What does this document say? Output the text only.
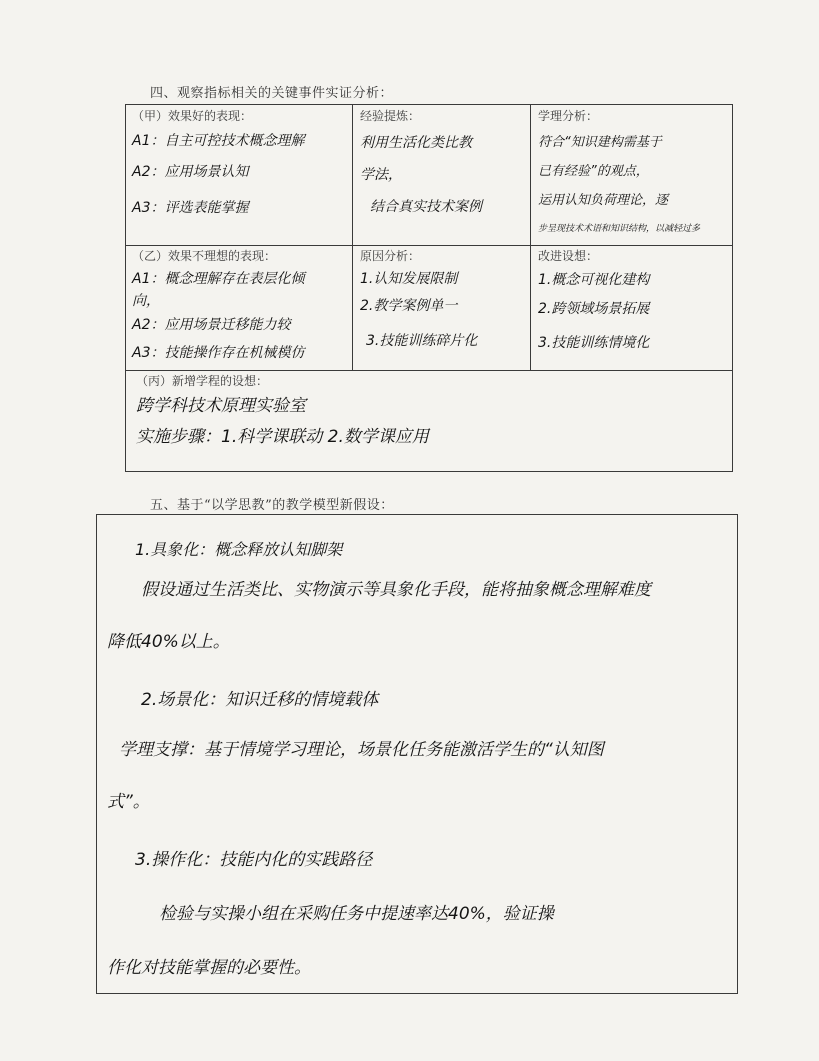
四、观察指标相关的关键事件实证分析：
（甲）效果好的表现：
A1：自主可控技术概念理解
A2：应用场景认知
A3：评选表能掌握
经验提炼：
利用生活化类比教
学法，
结合真实技术案例
学理分析：
符合“知识建构需基于
已有经验”的观点，
运用认知负荷理论，逐
步呈现技术术语和知识结构，以减轻过多
（乙）效果不理想的表现：
A1：概念理解存在表层化倾
向，
A2：应用场景迁移能力较
A3：技能操作存在机械模仿
原因分析：
1.认知发展限制
2.教学案例单一
3.技能训练碎片化
改进设想：
1.概念可视化建构
2.跨领域场景拓展
3.技能训练情境化
（丙）新增学程的设想：
跨学科技术原理实验室
实施步骤：1.科学课联动 2.数学课应用
五、基于“以学思教”的教学模型新假设：
1.具象化：概念释放认知脚架
假设通过生活类比、实物演示等具象化手段，能将抽象概念理解难度
降低40%以上。
2.场景化：知识迁移的情境载体
学理支撑：基于情境学习理论，场景化任务能激活学生的“认知图
式”。
3.操作化：技能内化的实践路径
检验与实操小组在采购任务中提速率达40%，验证操
作化对技能掌握的必要性。
